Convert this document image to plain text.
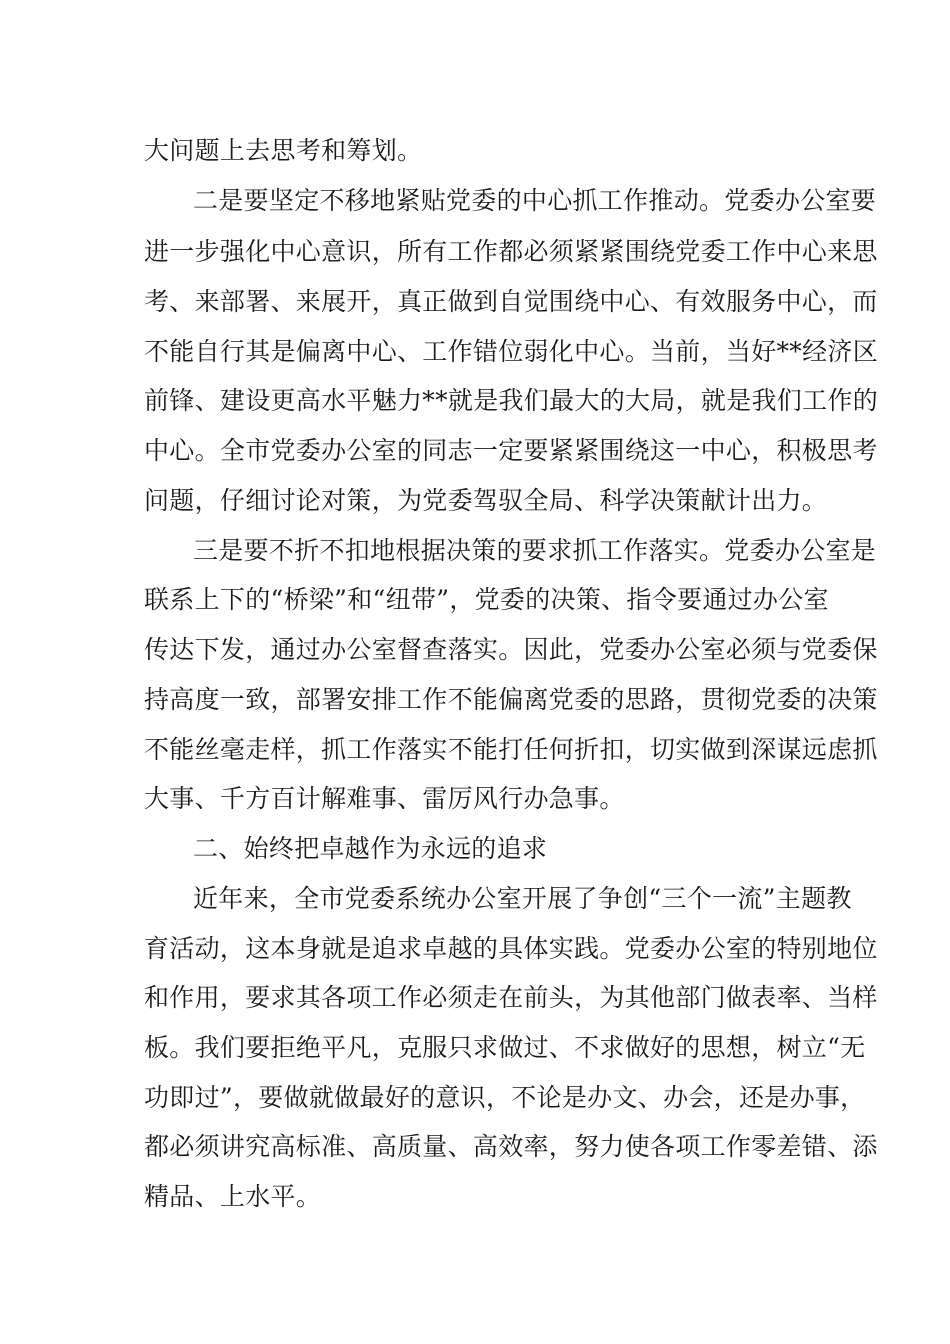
大问题上去思考和筹划。
二是要坚定不移地紧贴党委的中心抓工作推动。党委办公室要
进一步强化中心意识，所有工作都必须紧紧围绕党委工作中心来思
考、来部署、来展开，真正做到自觉围绕中心、有效服务中心，而
不能自行其是偏离中心、工作错位弱化中心。当前，当好**经济区
前锋、建设更高水平魅力**就是我们最大的大局，就是我们工作的
中心。全市党委办公室的同志一定要紧紧围绕这一中心，积极思考
问题，仔细讨论对策，为党委驾驭全局、科学决策献计出力。
三是要不折不扣地根据决策的要求抓工作落实。党委办公室是
联系上下的“桥梁”和“纽带”，党委的决策、指令要通过办公室
传达下发，通过办公室督查落实。因此，党委办公室必须与党委保
持高度一致，部署安排工作不能偏离党委的思路，贯彻党委的决策
不能丝毫走样，抓工作落实不能打任何折扣，切实做到深谋远虑抓
大事、千方百计解难事、雷厉风行办急事。
二、始终把卓越作为永远的追求
近年来，全市党委系统办公室开展了争创“三个一流”主题教
育活动，这本身就是追求卓越的具体实践。党委办公室的特别地位
和作用，要求其各项工作必须走在前头，为其他部门做表率、当样
板。我们要拒绝平凡，克服只求做过、不求做好的思想，树立“无
功即过”，要做就做最好的意识，不论是办文、办会，还是办事，
都必须讲究高标准、高质量、高效率，努力使各项工作零差错、添
精品、上水平。
